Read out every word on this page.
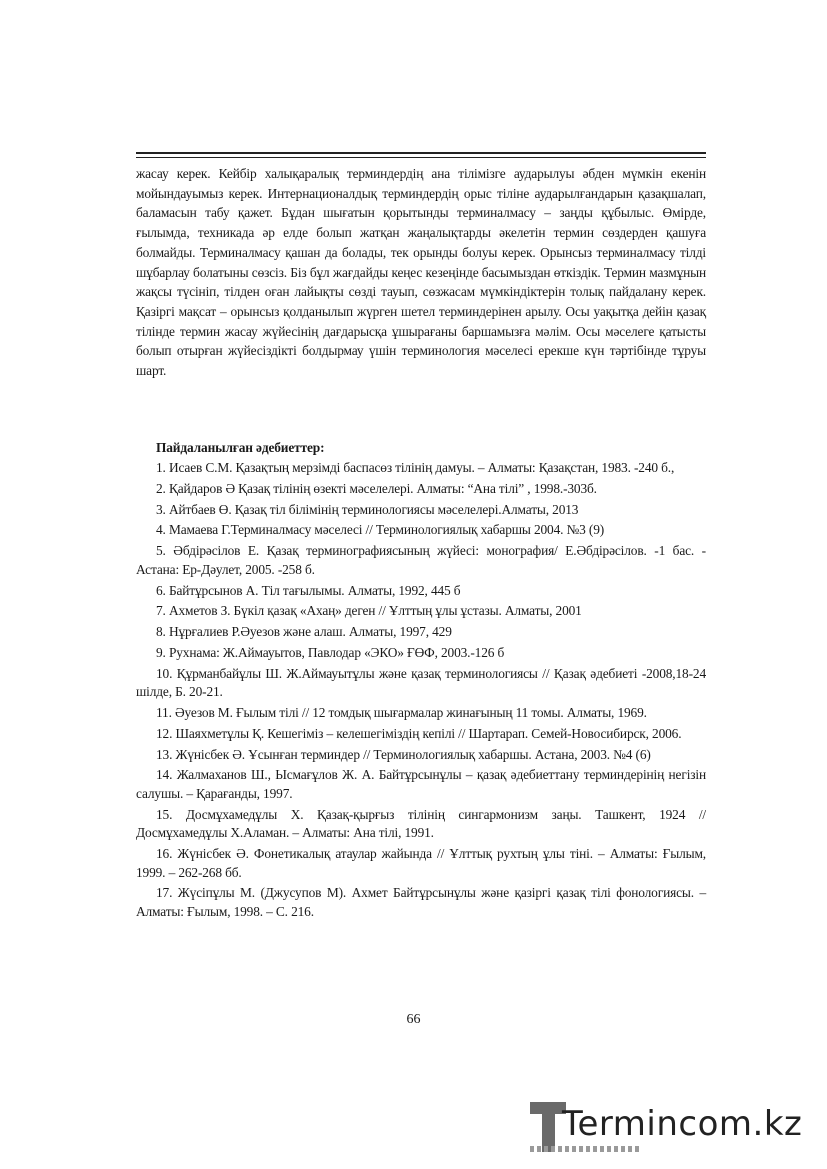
жасау керек. Кейбір халықаралық терминдердің ана тілімізге аударылуы әбден мүмкін екенін мойындауымыз керек. Интернационалдық терминдердің орыс тіліне аударылғандарын қазақшалап, баламасын табу қажет. Бұдан шығатын қорытынды терминалмасу – заңды құбылыс. Өмірде, ғылымда, техникада әр елде болып жатқан жаңалықтарды әкелетін термин сөздерден қашуға болмайды. Терминалмасу қашан да болады, тек орынды болуы керек. Орынсыз терминалмасу тілді шұбарлау болатыны сөзсіз. Біз бұл жағдайды кеңес кезеңінде басымыздан өткіздік. Термин мазмұнын жақсы түсініп, тілден оған лайықты сөзді тауып, сөзжасам мүмкіндіктерін толық пайдалану керек. Қазіргі мақсат – орынсыз қолданылып жүрген шетел терминдерінен арылу. Осы уақытқа дейін қазақ тілінде термин жасау жүйесінің дағдарысқа ұшырағаны баршамызға мәлім. Осы мәселеге қатысты болып отырған жүйесіздікті болдырмау үшін терминология мәселесі ерекше күн тәртібінде тұруы шарт.

Пайдаланылған әдебиеттер:

1. Исаев С.М. Қазақтың мерзімді баспасөз тілінің дамуы. – Алматы: Қазақстан, 1983. -240 б.,

2. Қайдаров Ә Қазақ тілінің өзекті мәселелері. Алматы: “Ана тілі” , 1998.-303б.

3. Айтбаев Ө. Қазақ тіл білімінің терминологиясы мәселелері.Алматы, 2013

4. Мамаева Г.Терминалмасу мәселесі // Терминологиялық хабаршы 2004. №3 (9)

5. Әбдірәсілов Е. Қазақ терминографиясының жүйесі: монография/ Е.Әбдірәсілов. -1 бас. - Астана: Ер-Дәулет, 2005. -258 б.

6. Байтұрсынов А. Тіл тағылымы. Алматы, 1992, 445 б

7. Ахметов З. Бүкіл қазақ «Ахаң» деген // Ұлттың ұлы ұстазы. Алматы, 2001

8. Нұрғалиев Р.Әуезов және алаш. Алматы, 1997, 429

9. Рухнама: Ж.Аймауытов, Павлодар «ЭКО» ҒӨФ, 2003.-126 б

10. Құрманбайұлы Ш. Ж.Аймауытұлы және қазақ терминологиясы // Қазақ әдебиеті -2008,18-24 шілде, Б. 20-21.

11. Әуезов М. Ғылым тілі // 12 томдық шығармалар жинағының 11 томы. Алматы, 1969.

12. Шаяхметұлы Қ. Кешегіміз – келешегіміздің кепілі // Шартарап. Семей-Новосибирск, 2006.

13. Жүнісбек Ә. Ұсынған терминдер // Терминологиялық хабаршы. Астана, 2003. №4 (6)

14. Жалмаханов Ш., Ысмағұлов Ж. А. Байтұрсынұлы – қазақ әдебиеттану терминдерінің негізін салушы. – Қарағанды, 1997.

15. Досмұхамедұлы Х. Қазақ-қырғыз тілінің сингармонизм заңы. Ташкент, 1924 // Досмұхамедұлы Х.Аламан. – Алматы: Ана тілі, 1991.

16. Жүнісбек Ә. Фонетикалық атаулар жайында // Ұлттық рухтың ұлы тіні. – Алматы: Ғылым, 1999. – 262-268 бб.

17. Жүсіпұлы М. (Джусупов М). Ахмет Байтұрсынұлы және қазіргі қазақ тілі фонологиясы. – Алматы: Ғылым, 1998. – С. 216.

66
Termincom.kz
